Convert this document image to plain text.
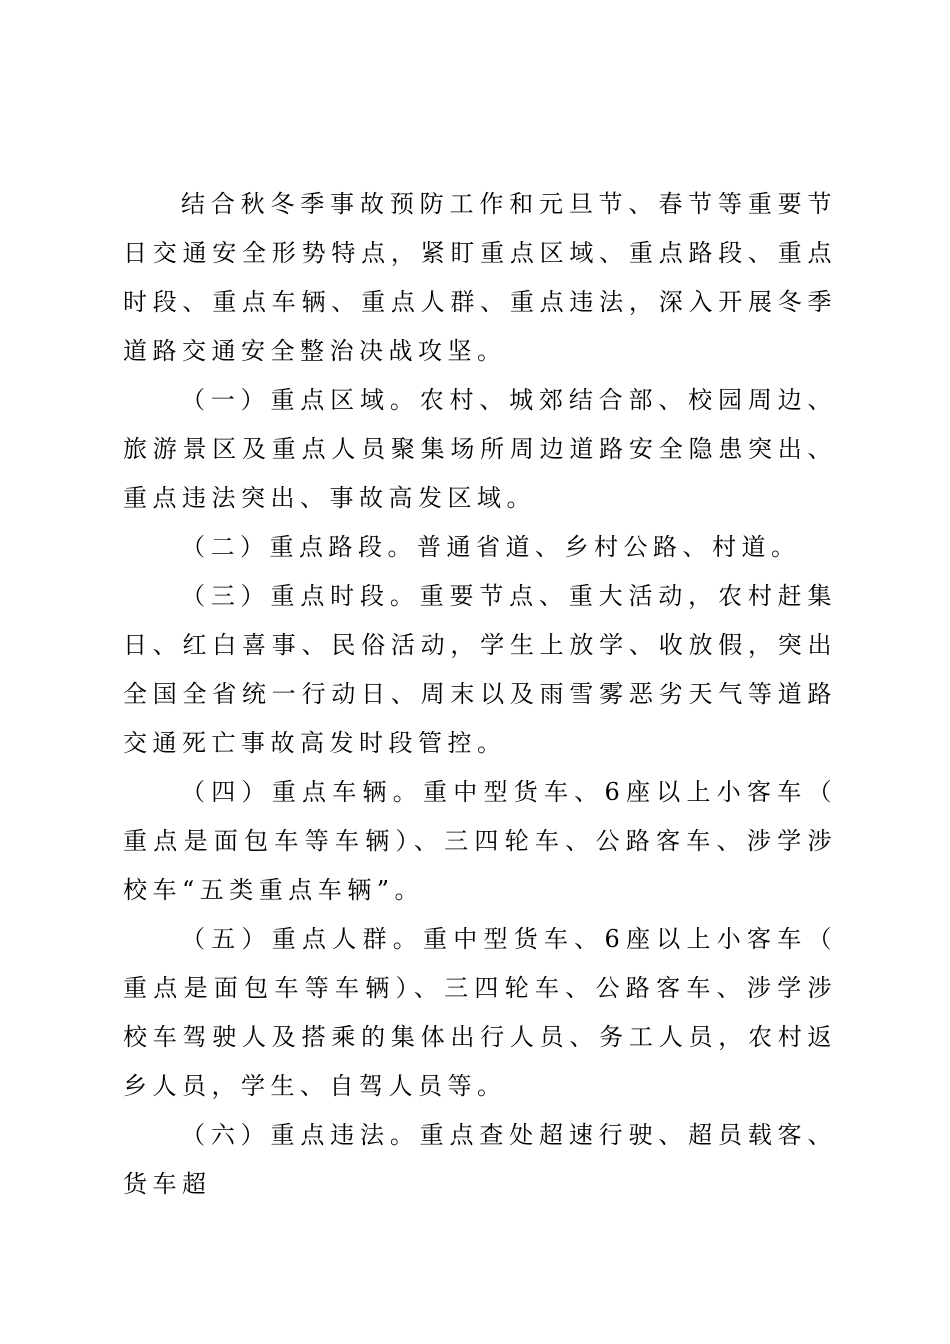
结合秋冬季事故预防工作和元旦节、春节等重要节日交通安全形势特点，紧盯重点区域、重点路段、重点时段、重点车辆、重点人群、重点违法，深入开展冬季道路交通安全整治决战攻坚。

（一）重点区域。农村、城郊结合部、校园周边、旅游景区及重点人员聚集场所周边道路安全隐患突出、重点违法突出、事故高发区域。

（二）重点路段。普通省道、乡村公路、村道。

（三）重点时段。重要节点、重大活动，农村赶集日、红白喜事、民俗活动，学生上放学、收放假，突出全国全省统一行动日、周末以及雨雪雾恶劣天气等道路交通死亡事故高发时段管控。

（四）重点车辆。重中型货车、6座以上小客车（重点是面包车等车辆）、三四轮车、公路客车、涉学涉校车“五类重点车辆”。

（五）重点人群。重中型货车、6座以上小客车（重点是面包车等车辆）、三四轮车、公路客车、涉学涉校车驾驶人及搭乘的集体出行人员、务工人员，农村返乡人员，学生、自驾人员等。

（六）重点违法。重点查处超速行驶、超员载客、货车超
